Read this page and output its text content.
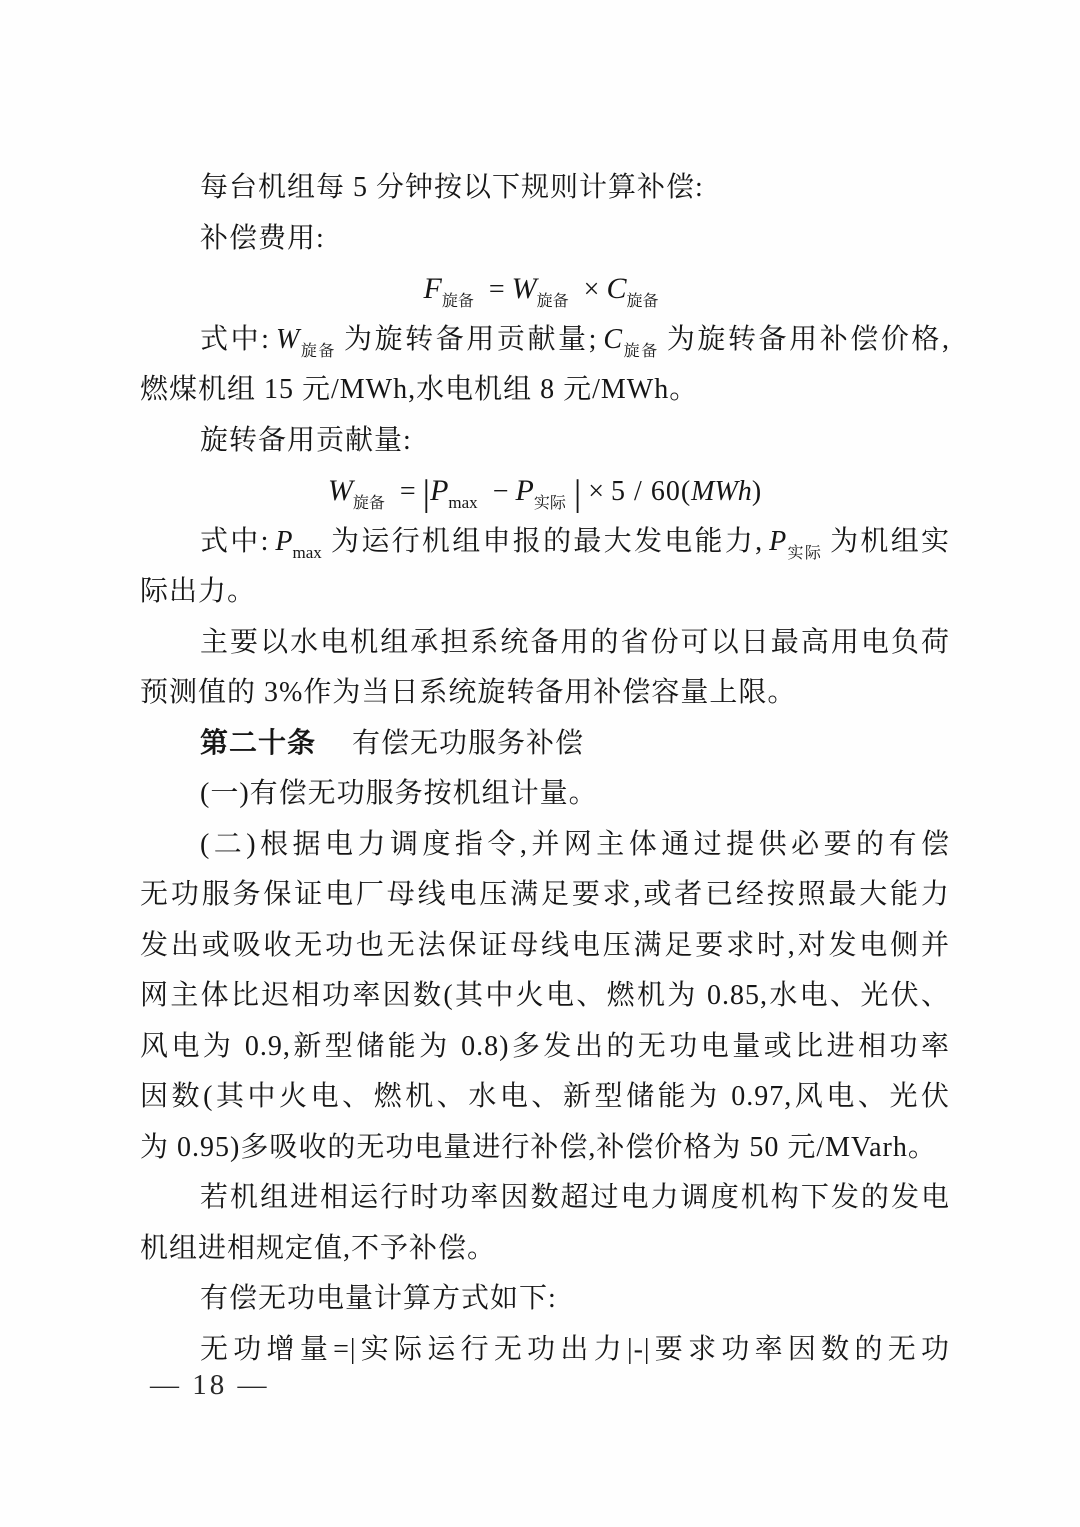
每台机组每 5 分钟按以下规则计算补偿:
补偿费用:
$F_{旋备} = W_{旋备} \times C_{旋备}$
式中: $W_{旋备}$ 为旋转备用贡献量; $C_{旋备}$ 为旋转备用补偿价格,
燃煤机组 15 元/MWh,水电机组 8 元/MWh。
旋转备用贡献量:
$W_{旋备} = |P_{max} - P_{实际}$ | × 5 / 60(MWh)
式中: $P_{max}$ 为运行机组申报的最大发电能力, $P_{实际}$ 为机组实
际出力。
主要以水电机组承担系统备用的省份可以日最高用电负荷
预测值的 3%作为当日系统旋转备用补偿容量上限。
第二十条 有偿无功服务补偿
(一)有偿无功服务按机组计量。
(二)根据电力调度指令,并网主体通过提供必要的有偿
无功服务保证电厂母线电压满足要求,或者已经按照最大能力
发出或吸收无功也无法保证母线电压满足要求时,对发电侧并
网主体比迟相功率因数(其中火电、燃机为 0.85,水电、光伏、
风电为 0.9,新型储能为 0.8)多发出的无功电量或比进相功率
因数(其中火电、燃机、水电、新型储能为 0.97,风电、光伏
为 0.95)多吸收的无功电量进行补偿,补偿价格为 50 元/MVarh。
若机组进相运行时功率因数超过电力调度机构下发的发电
机组进相规定值,不予补偿。
有偿无功电量计算方式如下:
无功增量=|实际运行无功出力|-|要求功率因数的无功
— 18 —
